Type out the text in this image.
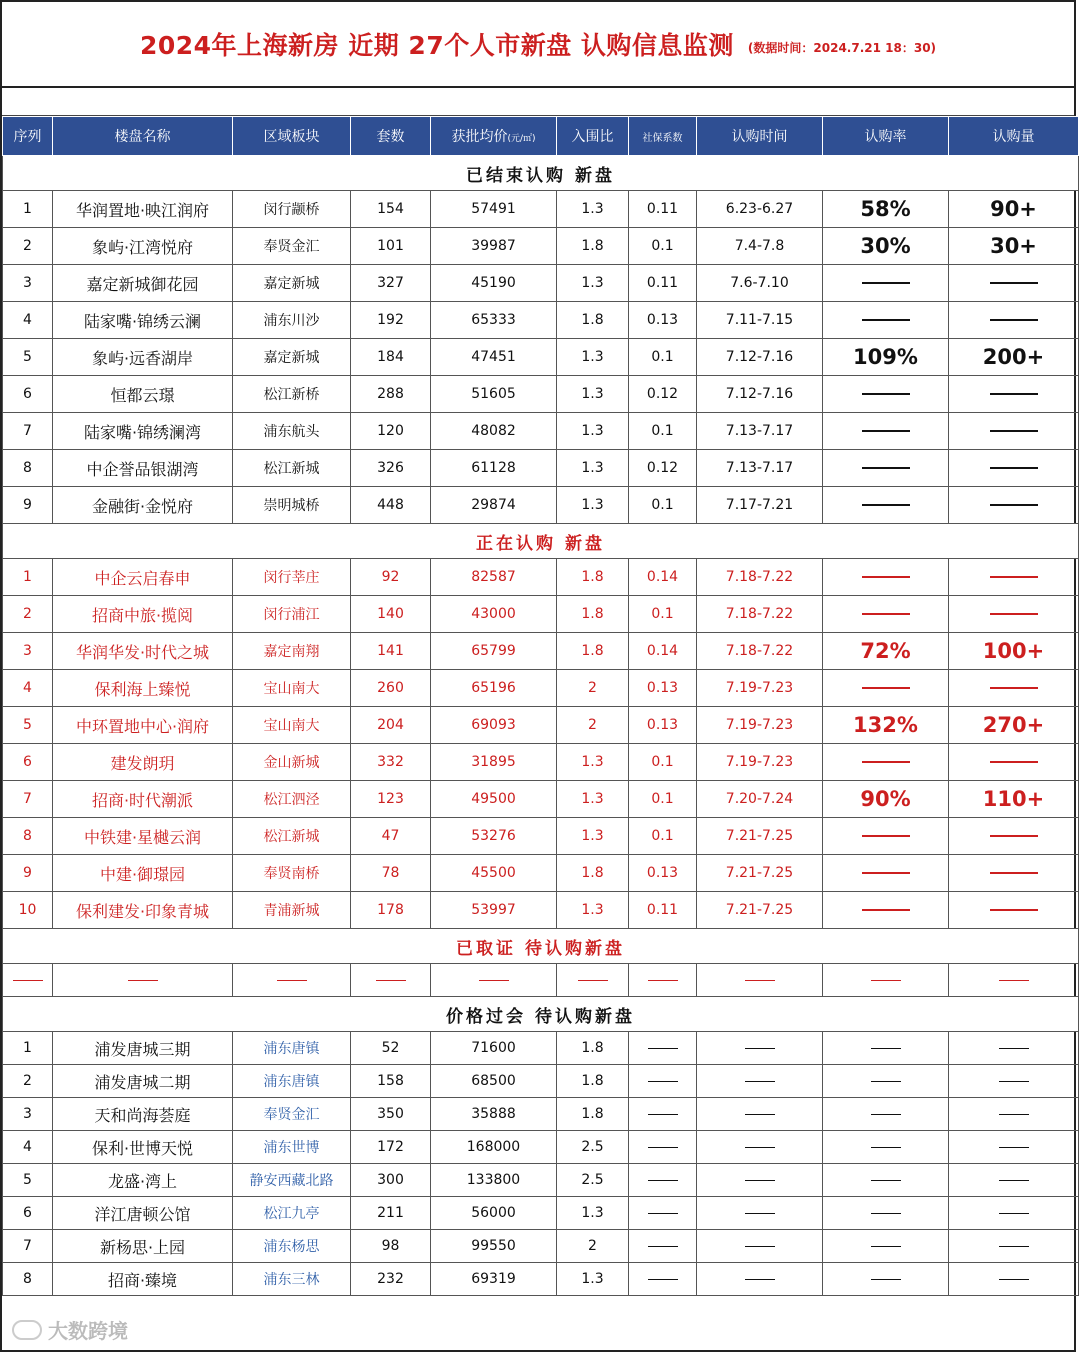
2024年上海新房 近期 27个人市新盘 认购信息监测 (数据时间：2024.7.21 18：30)
序列	楼盘名称	区域板块	套数	获批均价(元/㎡)	入围比	社保系数	认购时间	认购率	认购量
已结束认购 新盘									
1	华润置地·映江润府	闵行颛桥	154	57491	1.3	0.11	6.23-6.27	58%	90+
2	象屿·江湾悦府	奉贤金汇	101	39987	1.8	0.1	7.4-7.8	30%	30+
3	嘉定新城御花园	嘉定新城	327	45190	1.3	0.11	7.6-7.10		
4	陆家嘴·锦绣云澜	浦东川沙	192	65333	1.8	0.13	7.11-7.15		
5	象屿·远香湖岸	嘉定新城	184	47451	1.3	0.1	7.12-7.16	109%	200+
6	恒都云璟	松江新桥	288	51605	1.3	0.12	7.12-7.16		
7	陆家嘴·锦绣澜湾	浦东航头	120	48082	1.3	0.1	7.13-7.17		
8	中企誉品银湖湾	松江新城	326	61128	1.3	0.12	7.13-7.17		
9	金融街·金悦府	崇明城桥	448	29874	1.3	0.1	7.17-7.21		
正在认购 新盘									
1	中企云启春申	闵行莘庄	92	82587	1.8	0.14	7.18-7.22		
2	招商中旅·揽阅	闵行浦江	140	43000	1.8	0.1	7.18-7.22		
3	华润华发·时代之城	嘉定南翔	141	65799	1.8	0.14	7.18-7.22	72%	100+
4	保利海上臻悦	宝山南大	260	65196	2	0.13	7.19-7.23		
5	中环置地中心·润府	宝山南大	204	69093	2	0.13	7.19-7.23	132%	270+
6	建发朗玥	金山新城	332	31895	1.3	0.1	7.19-7.23		
7	招商·时代潮派	松江泗泾	123	49500	1.3	0.1	7.20-7.24	90%	110+
8	中铁建·星樾云润	松江新城	47	53276	1.3	0.1	7.21-7.25		
9	中建·御璟园	奉贤南桥	78	45500	1.8	0.13	7.21-7.25		
10	保利建发·印象青城	青浦新城	178	53997	1.3	0.11	7.21-7.25		
已取证 待认购新盘									

价格过会 待认购新盘									
1	浦发唐城三期	浦东唐镇	52	71600	1.8				
2	浦发唐城二期	浦东唐镇	158	68500	1.8				
3	天和尚海荟庭	奉贤金汇	350	35888	1.8				
4	保利·世博天悦	浦东世博	172	168000	2.5				
5	龙盛·湾上	静安西藏北路	300	133800	2.5				
6	洋江唐顿公馆	松江九亭	211	56000	1.3				
7	新杨思·上园	浦东杨思	98	99550	2				
8	招商·臻境	浦东三林	232	69319	1.3				
大数跨境
